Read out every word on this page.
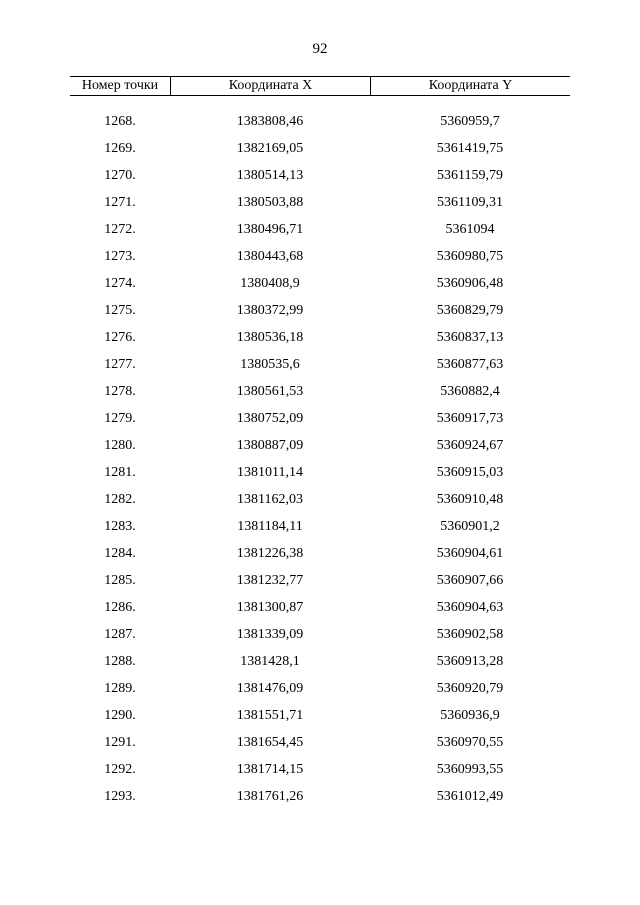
92
Номер точки	Координата X	Координата Y
1268.	1383808,46	5360959,7
1269.	1382169,05	5361419,75
1270.	1380514,13	5361159,79
1271.	1380503,88	5361109,31
1272.	1380496,71	5361094
1273.	1380443,68	5360980,75
1274.	1380408,9	5360906,48
1275.	1380372,99	5360829,79
1276.	1380536,18	5360837,13
1277.	1380535,6	5360877,63
1278.	1380561,53	5360882,4
1279.	1380752,09	5360917,73
1280.	1380887,09	5360924,67
1281.	1381011,14	5360915,03
1282.	1381162,03	5360910,48
1283.	1381184,11	5360901,2
1284.	1381226,38	5360904,61
1285.	1381232,77	5360907,66
1286.	1381300,87	5360904,63
1287.	1381339,09	5360902,58
1288.	1381428,1	5360913,28
1289.	1381476,09	5360920,79
1290.	1381551,71	5360936,9
1291.	1381654,45	5360970,55
1292.	1381714,15	5360993,55
1293.	1381761,26	5361012,49
